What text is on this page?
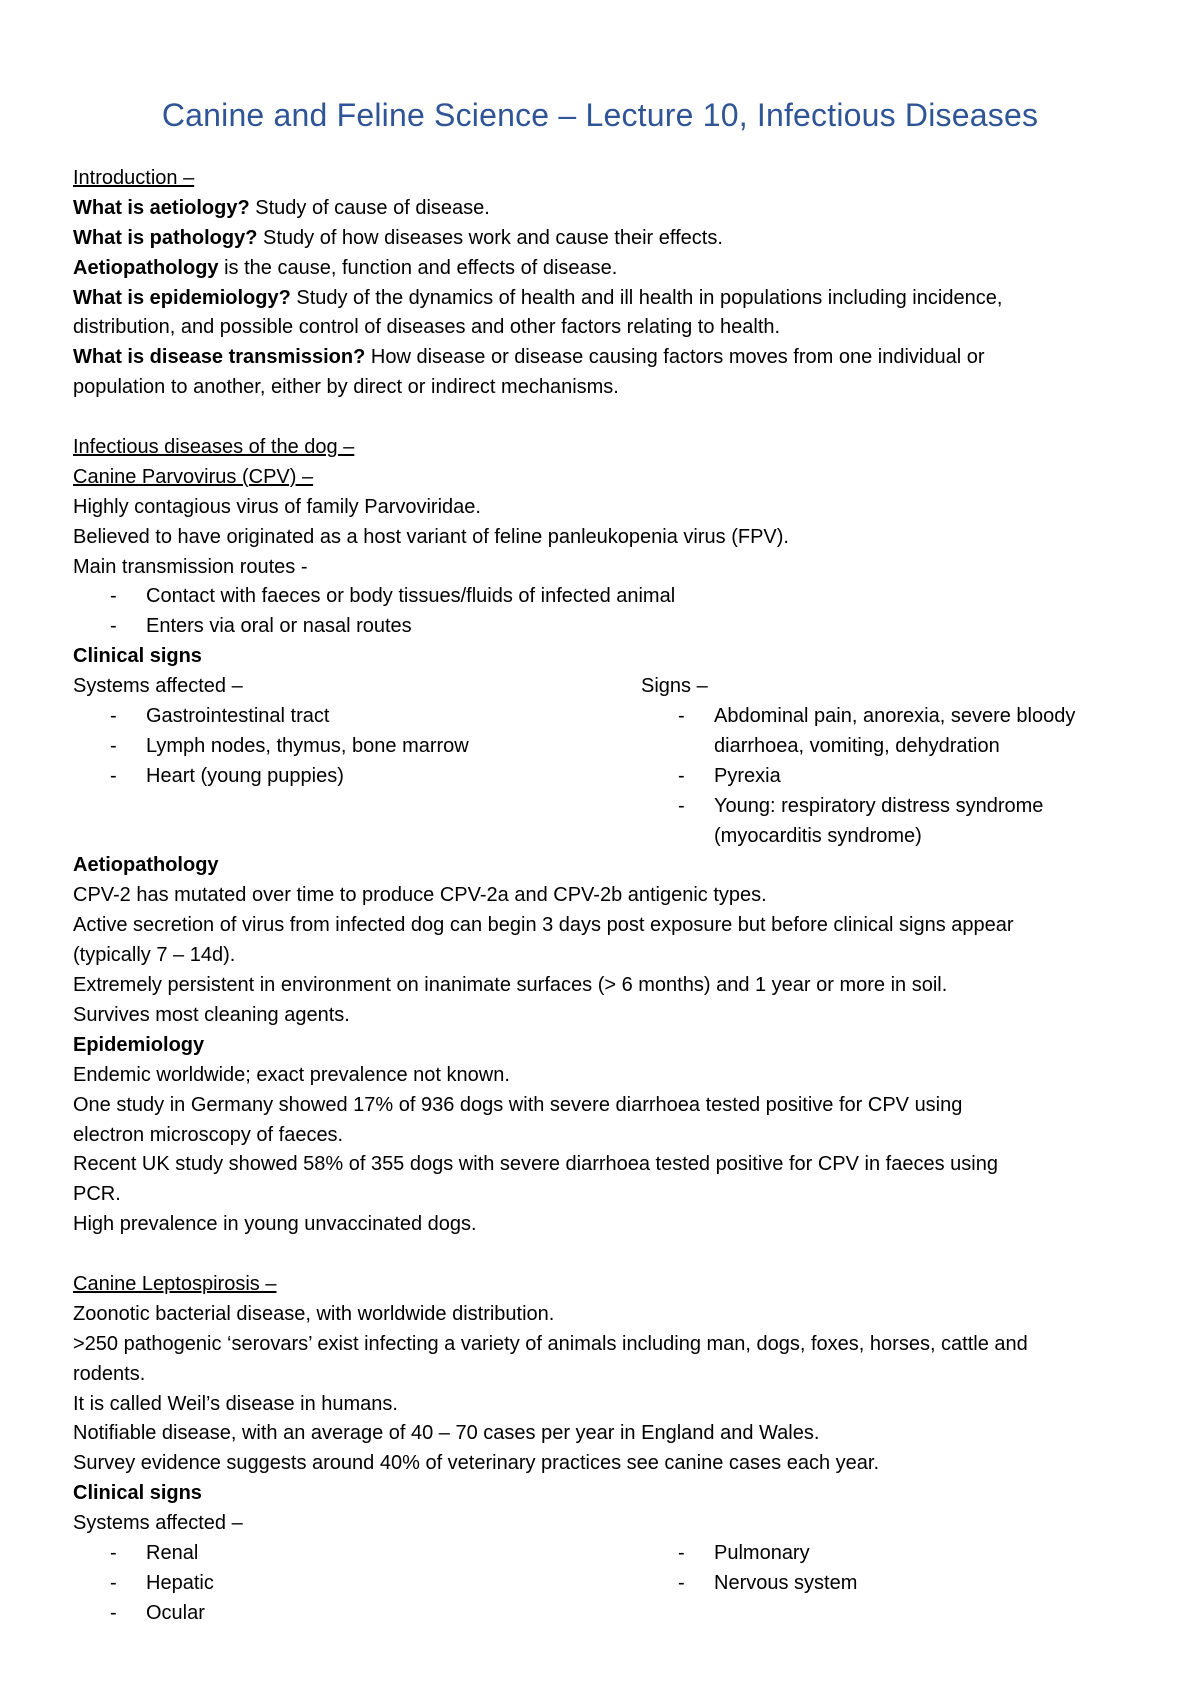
Canine and Feline Science – Lecture 10, Infectious Diseases
Introduction –
What is aetiology? Study of cause of disease.
What is pathology? Study of how diseases work and cause their effects.
Aetiopathology is the cause, function and effects of disease.
What is epidemiology? Study of the dynamics of health and ill health in populations including incidence,
distribution, and possible control of diseases and other factors relating to health.
What is disease transmission? How disease or disease causing factors moves from one individual or
population to another, either by direct or indirect mechanisms.
Infectious diseases of the dog –
Canine Parvovirus (CPV) –
Highly contagious virus of family Parvoviridae.
Believed to have originated as a host variant of feline panleukopenia virus (FPV).
Main transmission routes -
- Contact with faeces or body tissues/fluids of infected animal
- Enters via oral or nasal routes
Clinical signs
Systems affected –
- Gastrointestinal tract
- Lymph nodes, thymus, bone marrow
- Heart (young puppies)
Signs –
- Abdominal pain, anorexia, severe bloody
diarrhoea, vomiting, dehydration
- Pyrexia
- Young: respiratory distress syndrome
(myocarditis syndrome)
Aetiopathology
CPV-2 has mutated over time to produce CPV-2a and CPV-2b antigenic types.
Active secretion of virus from infected dog can begin 3 days post exposure but before clinical signs appear
(typically 7 – 14d).
Extremely persistent in environment on inanimate surfaces (> 6 months) and 1 year or more in soil.
Survives most cleaning agents.
Epidemiology
Endemic worldwide; exact prevalence not known.
One study in Germany showed 17% of 936 dogs with severe diarrhoea tested positive for CPV using
electron microscopy of faeces.
Recent UK study showed 58% of 355 dogs with severe diarrhoea tested positive for CPV in faeces using
PCR.
High prevalence in young unvaccinated dogs.
Canine Leptospirosis –
Zoonotic bacterial disease, with worldwide distribution.
>250 pathogenic ‘serovars’ exist infecting a variety of animals including man, dogs, foxes, horses, cattle and
rodents.
It is called Weil’s disease in humans.
Notifiable disease, with an average of 40 – 70 cases per year in England and Wales.
Survey evidence suggests around 40% of veterinary practices see canine cases each year.
Clinical signs
Systems affected –
- Renal
- Hepatic
- Ocular
- Pulmonary
- Nervous system
